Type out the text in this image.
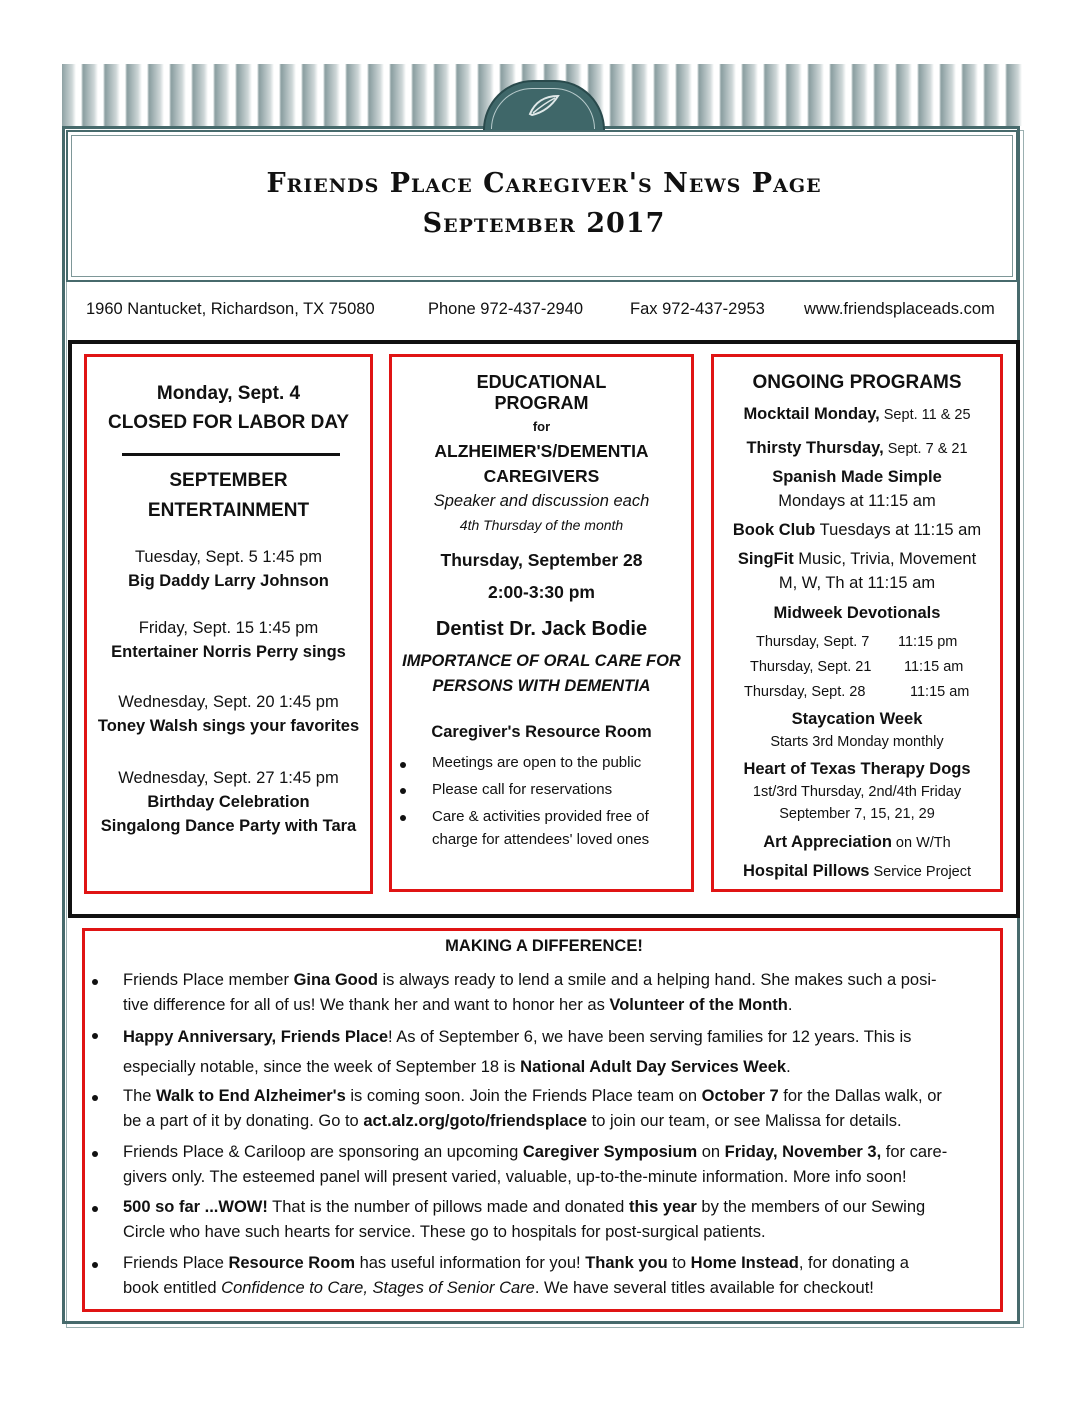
Friends Place Caregiver's News Page
September 2017
1960 Nantucket, Richardson, TX 75080	Phone 972-437-2940	Fax 972-437-2953 www.friendsplaceads.com
Monday, Sept. 4
CLOSED FOR LABOR DAY
SEPTEMBER
ENTERTAINMENT
Tuesday, Sept. 5 1:45 pm
Big Daddy Larry Johnson
Friday, Sept. 15 1:45 pm
Entertainer Norris Perry sings
Wednesday, Sept. 20 1:45 pm
Toney Walsh sings your favorites
Wednesday, Sept. 27 1:45 pm
Birthday Celebration
Singalong Dance Party with Tara
EDUCATIONAL
PROGRAM
for
ALZHEIMER'S/DEMENTIA
CAREGIVERS
Speaker and discussion each
4th Thursday of the month
Thursday, September 28
2:00-3:30 pm
Dentist Dr. Jack Bodie
IMPORTANCE OF ORAL CARE FOR
PERSONS WITH DEMENTIA
Caregiver's Resource Room
Meetings are open to the public
Please call for reservations
Care & activities provided free of
charge for attendees' loved ones
ONGOING PROGRAMS
Mocktail Monday, Sept. 11 & 25
Thirsty Thursday, Sept. 7 & 21
Spanish Made Simple
Mondays at 11:15 am
Book Club Tuesdays at 11:15 am
SingFit Music, Trivia, Movement
M, W, Th at 11:15 am
Midweek Devotionals
Thursday, Sept. 7 11:15 pm
Thursday, Sept. 21 11:15 am
Thursday, Sept. 28	11:15 am
Staycation Week
Starts 3rd Monday monthly
Heart of Texas Therapy Dogs
1st/3rd Thursday, 2nd/4th Friday
September 7, 15, 21, 29
Art Appreciation on W/Th
Hospital Pillows Service Project
MAKING A DIFFERENCE!
Friends Place member Gina Good is always ready to lend a smile and a helping hand. She makes such a posi-
tive difference for all of us! We thank her and want to honor her as Volunteer of the Month.
Happy Anniversary, Friends Place! As of September 6, we have been serving families for 12 years. This is
especially notable, since the week of September 18 is National Adult Day Services Week.
The Walk to End Alzheimer's is coming soon. Join the Friends Place team on October 7 for the Dallas walk, or
be a part of it by donating. Go to act.alz.org/goto/friendsplace to join our team, or see Malissa for details.
Friends Place & Cariloop are sponsoring an upcoming Caregiver Symposium on Friday, November 3, for care-
givers only. The esteemed panel will present varied, valuable, up-to-the-minute information. More info soon!
500 so far ...WOW! That is the number of pillows made and donated this year by the members of our Sewing
Circle who have such hearts for service. These go to hospitals for post-surgical patients.
Friends Place Resource Room has useful information for you! Thank you to Home Instead, for donating a
book entitled Confidence to Care, Stages of Senior Care. We have several titles available for checkout!
